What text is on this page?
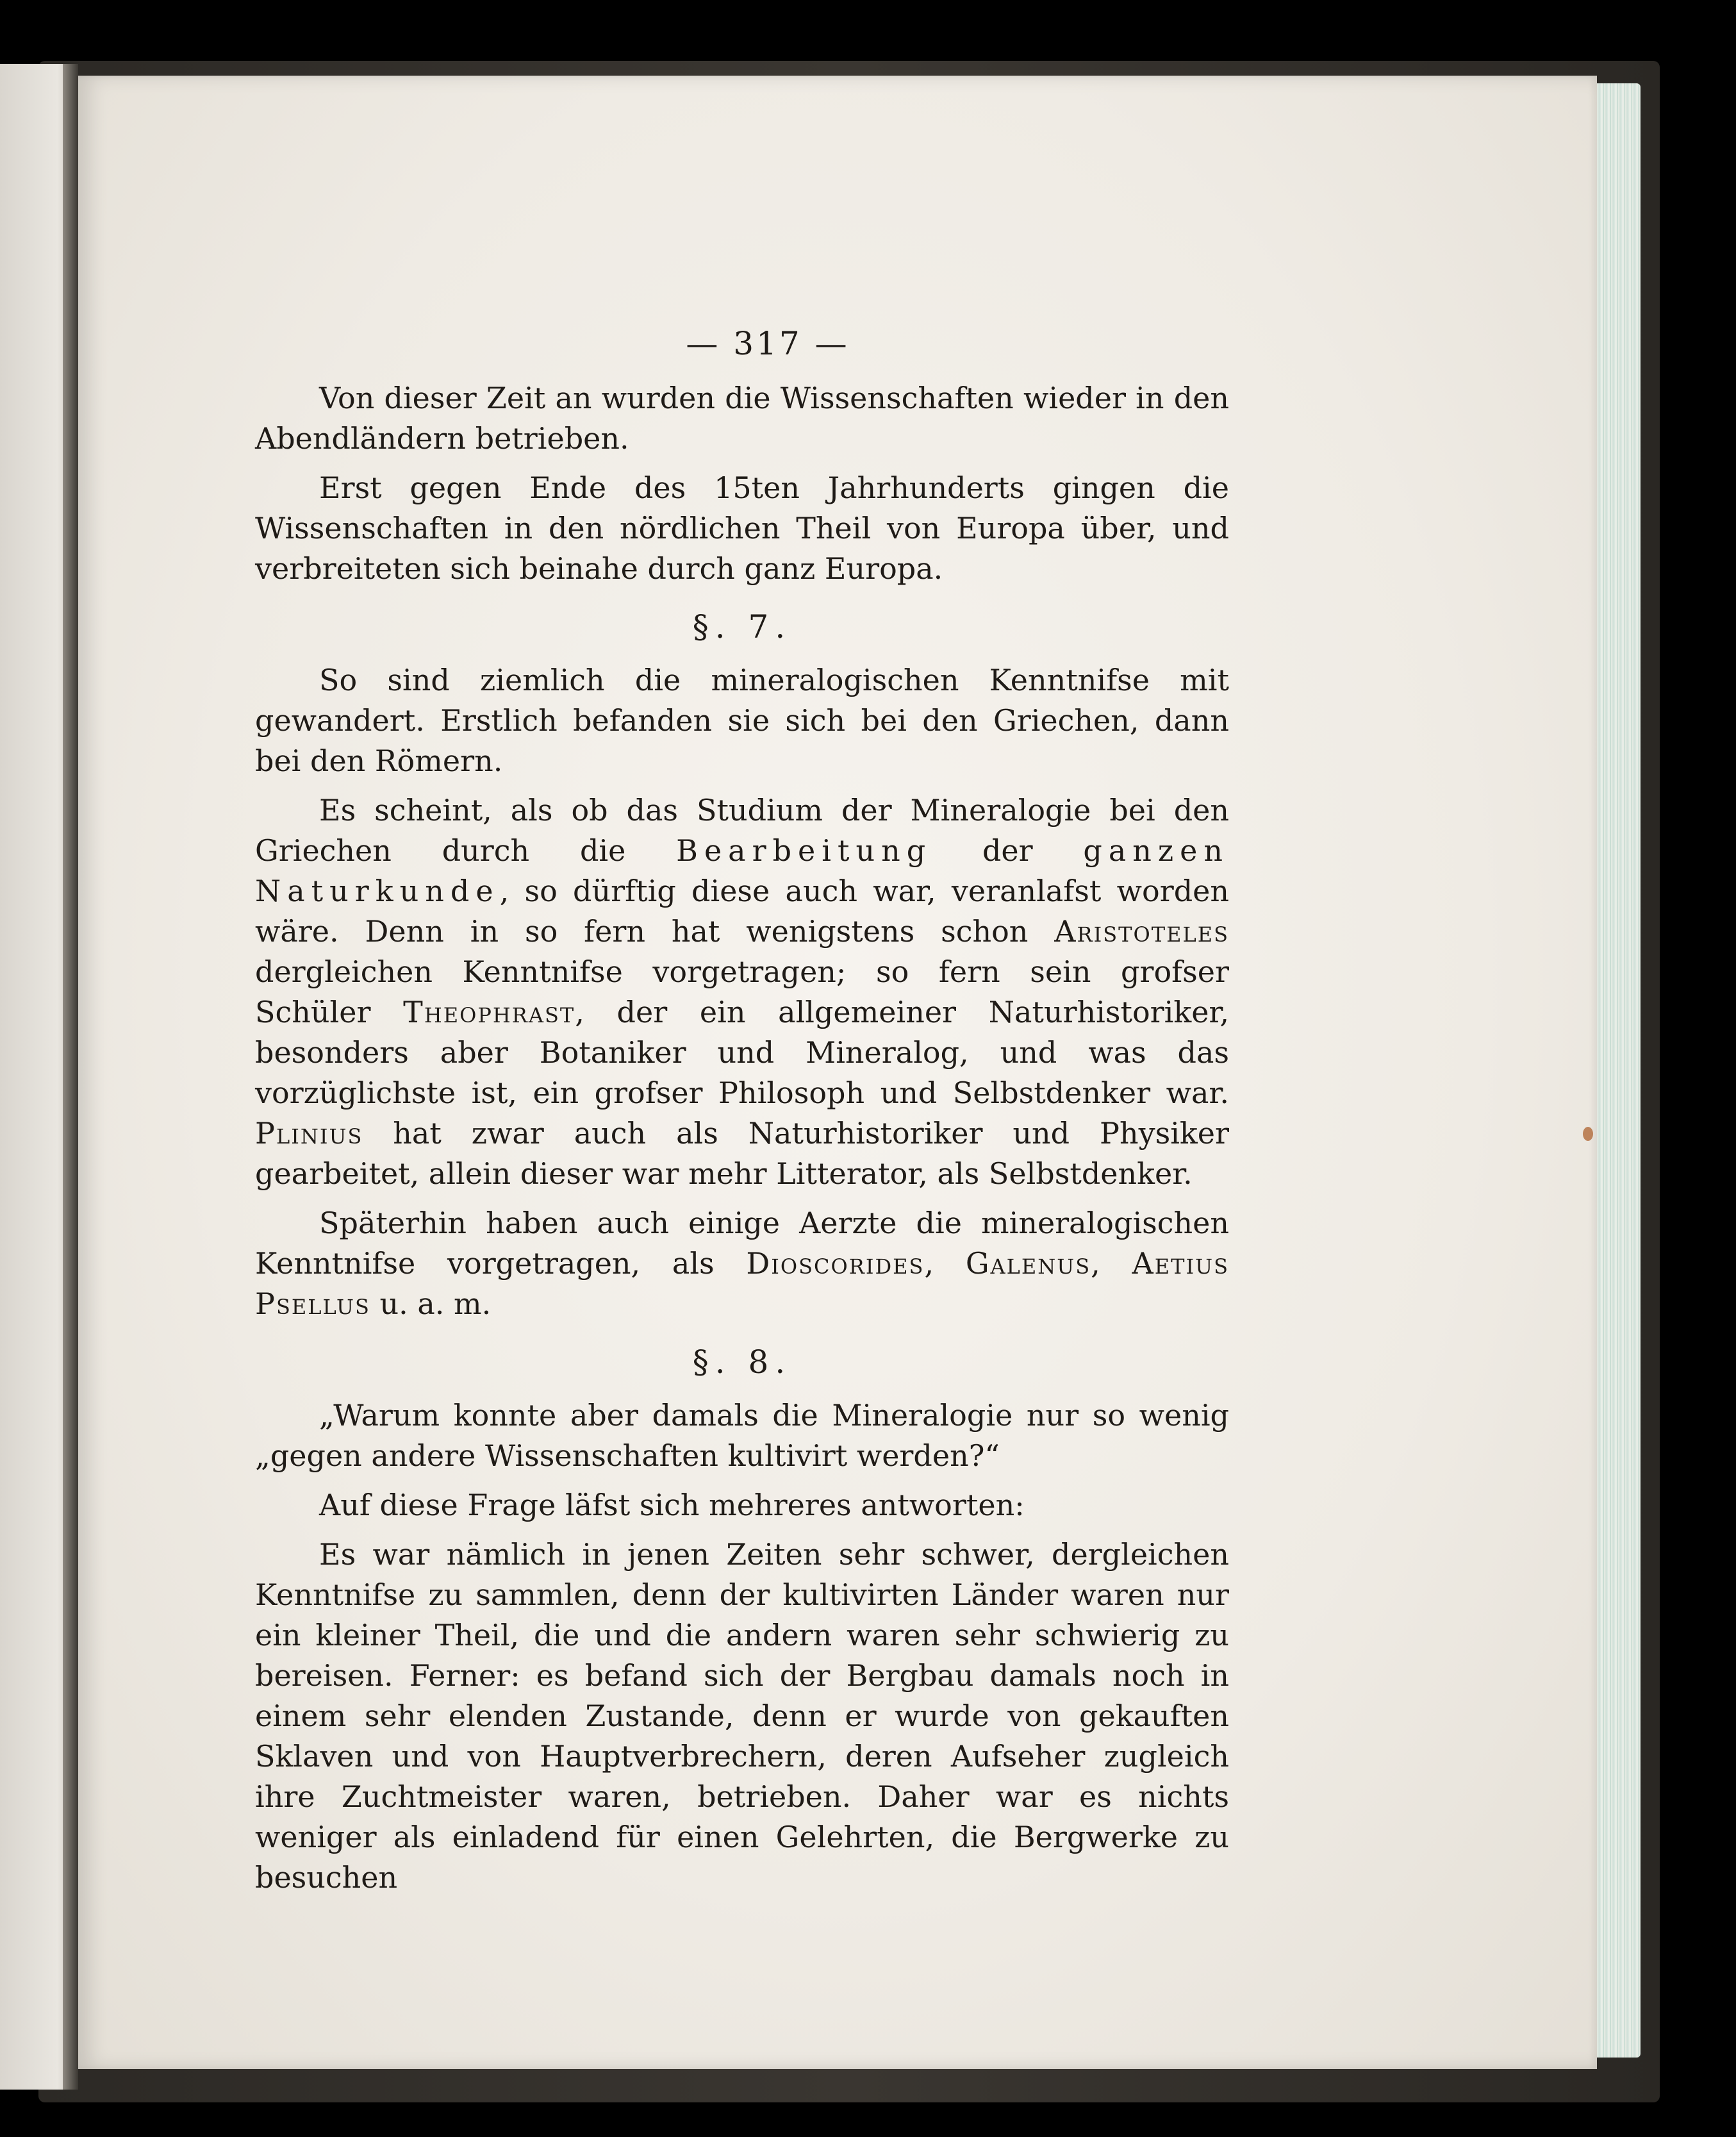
— 317 —

Von dieser Zeit an wurden die Wissenschaften wieder in den Abendländern betrieben.

Erst gegen Ende des 15ten Jahrhunderts gingen die Wissenschaften in den nördlichen Theil von Europa über, und verbreiteten sich beinahe durch ganz Europa.

§. 7.

So sind ziemlich die mineralogischen Kenntnifse mit gewandert. Erstlich befanden sie sich bei den Griechen, dann bei den Römern.

Es scheint, als ob das Studium der Mineralogie bei den Griechen durch die Bearbeitung der ganzen Naturkunde, so dürftig diese auch war, veranlafst worden wäre. Denn in so fern hat wenigstens schon Aristoteles dergleichen Kenntnifse vorgetragen; so fern sein grofser Schüler Theophrast, der ein allgemeiner Naturhistoriker, besonders aber Botaniker und Mineralog, und was das vorzüglichste ist, ein grofser Philosoph und Selbstdenker war. Plinius hat zwar auch als Naturhistoriker und Physiker gearbeitet, allein dieser war mehr Litterator, als Selbstdenker.

Späterhin haben auch einige Aerzte die mineralogischen Kenntnifse vorgetragen, als Dioscorides, Galenus, Aetius Psellus u. a. m.

§. 8.

„Warum konnte aber damals die Mineralogie nur so wenig „gegen andere Wissenschaften kultivirt werden?“

Auf diese Frage läfst sich mehreres antworten:

Es war nämlich in jenen Zeiten sehr schwer, dergleichen Kenntnifse zu sammlen, denn der kultivirten Länder waren nur ein kleiner Theil, die und die andern waren sehr schwierig zu bereisen. Ferner: es befand sich der Bergbau damals noch in einem sehr elenden Zustande, denn er wurde von gekauften Sklaven und von Hauptverbrechern, deren Aufseher zugleich ihre Zuchtmeister waren, betrieben. Daher war es nichts weniger als einladend für einen Gelehrten, die Bergwerke zu besuchen
